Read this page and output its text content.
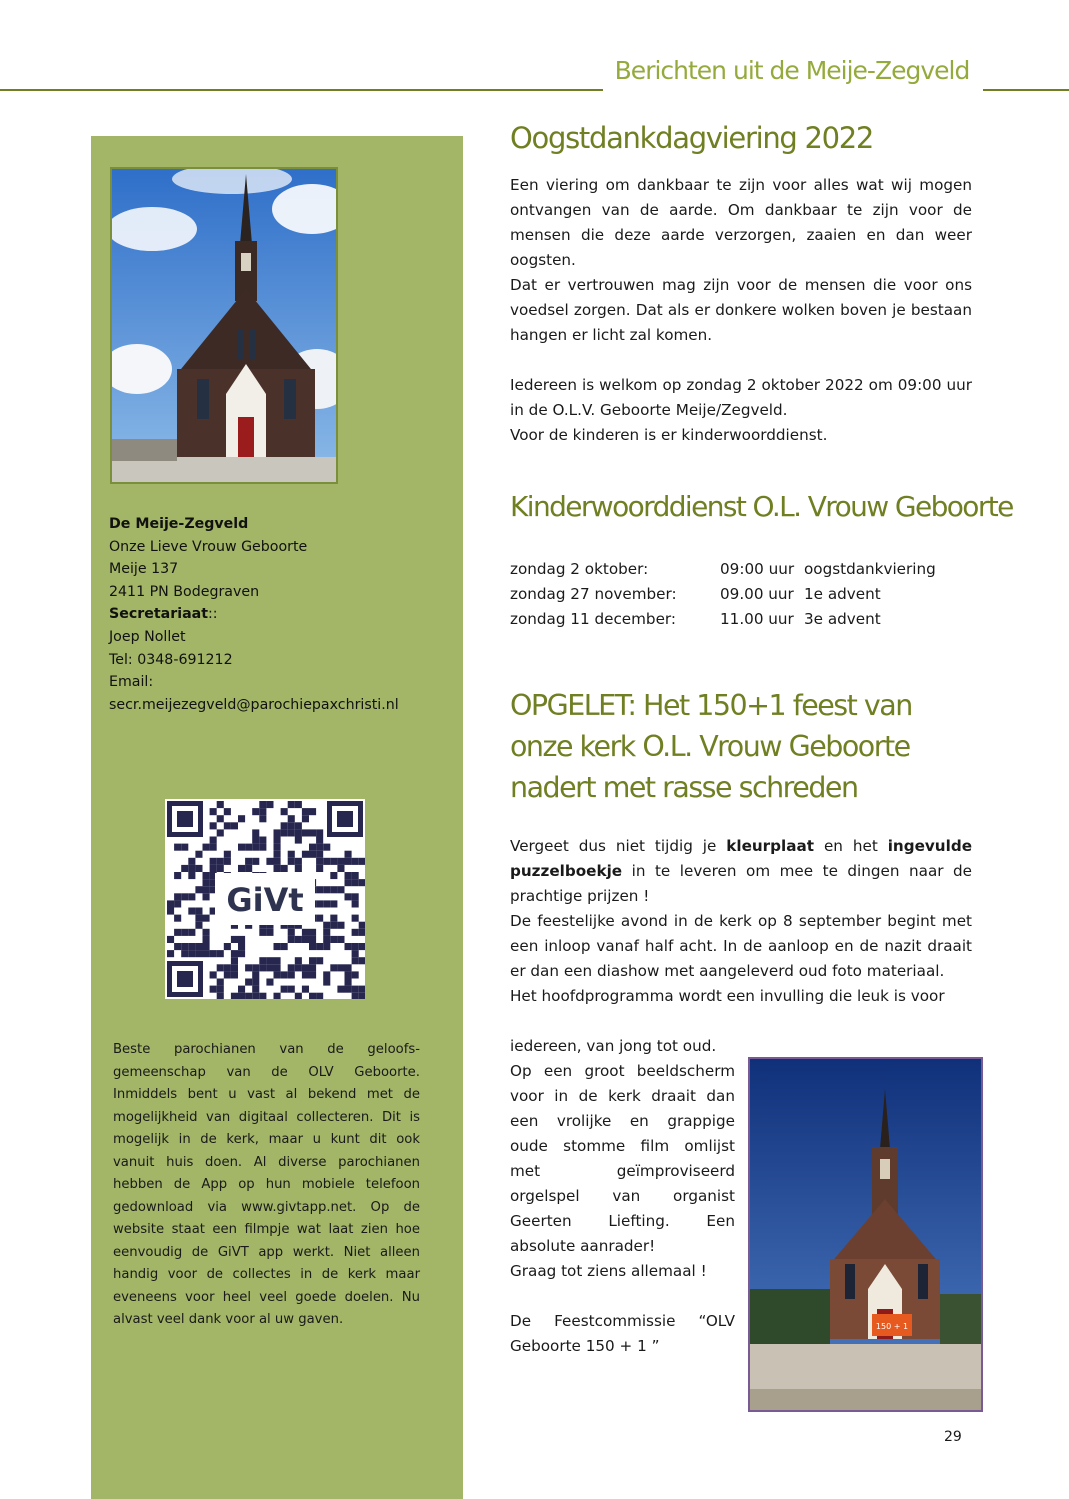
Berichten uit de Meije-Zegveld
De Meije-Zegveld
Onze Lieve Vrouw Geboorte
Meije 137
2411 PN Bodegraven
Secretariaat::
Joep Nollet
Tel: 0348-691212
Email:
secr.meijezegveld@parochiepaxchristi.nl
GiVt

Beste parochianen van de geloofs-gemeenschap van de OLV Geboorte. Inmiddels bent u vast al bekend met de mogelijkheid van digitaal collecteren. Dit is mogelijk in de kerk, maar u kunt dit ook vanuit huis doen. Al diverse parochianen hebben de App op hun mobiele telefoon gedownload via www.givtapp.net. Op de website staat een filmpje wat laat zien hoe eenvoudig de GiVT app werkt. Niet alleen handig voor de collectes in de kerk maar eveneens voor heel veel goede doelen. Nu alvast veel dank voor al uw gaven.

Oogstdankdagviering 2022
Een viering om dankbaar te zijn voor alles wat wij mogen ontvangen van de aarde. Om dankbaar te zijn voor de mensen die deze aarde verzorgen, zaaien en dan weer oogsten.
Dat er vertrouwen mag zijn voor de mensen die voor ons voedsel zorgen. Dat als er donkere wolken boven je bestaan hangen er licht zal komen.
Iedereen is welkom op zondag 2 oktober 2022 om 09:00 uur in de O.L.V. Geboorte Meije/Zegveld.
Voor de kinderen is er kinderwoorddienst.
Kinderwoorddienst O.L. Vrouw Geboorte
zondag 2 oktober:	09:00 uur oogstdankviering
zondag 27 november:	09.00 uur 1e advent
zondag 11 december:	11.00 uur 3e advent
OPGELET: Het 150+1 feest van onze kerk O.L. Vrouw Geboorte nadert met rasse schreden
Vergeet dus niet tijdig je kleurplaat en het ingevulde puzzelboekje in te leveren om mee te dingen naar de prachtige prijzen !
De feestelijke avond in de kerk op 8 september begint met een inloop vanaf half acht. In de aanloop en de nazit draait er dan een diashow met aangeleverd oud foto materiaal.
Het hoofdprogramma wordt een invulling die leuk is voor
iedereen, van jong tot oud.
Op een groot beeldscherm voor in de kerk draait dan een vrolijke en grappige oude stomme film omlijst met geïmproviseerd orgelspel van organist Geerten Liefting. Een absolute aanrader!
Graag tot ziens allemaal !
De Feestcommissie “OLV Geboorte 150 + 1 ”
150 + 1
29
